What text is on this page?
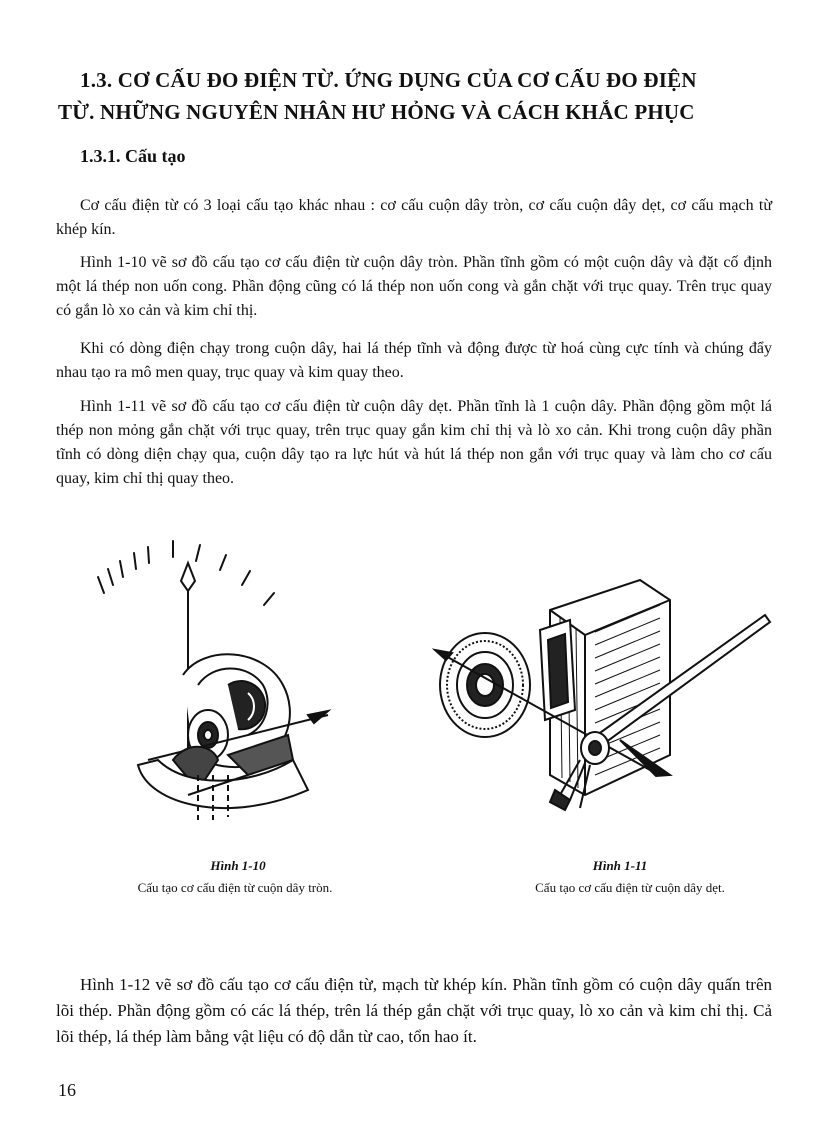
1.3. CƠ CẤU ĐO ĐIỆN TỪ. ỨNG DỤNG CỦA CƠ CẤU ĐO ĐIỆN
TỪ. NHỮNG NGUYÊN NHÂN HƯ HỎNG VÀ CÁCH KHẮC PHỤC
1.3.1. Cấu tạo

Cơ cấu điện từ có 3 loại cấu tạo khác nhau : cơ cấu cuộn dây tròn, cơ cấu cuộn dây dẹt, cơ cấu mạch từ khép kín.

Hình 1-10 vẽ sơ đồ cấu tạo cơ cấu điện từ cuộn dây tròn. Phần tĩnh gồm có một cuộn dây và đặt cố định một lá thép non uốn cong. Phần động cũng có lá thép non uốn cong và gắn chặt với trục quay. Trên trục quay có gắn lò xo cản và kim chỉ thị.

Khi có dòng điện chạy trong cuộn dây, hai lá thép tĩnh và động được từ hoá cùng cực tính và chúng đẩy nhau tạo ra mô men quay, trục quay và kim quay theo.

Hình 1-11 vẽ sơ đồ cấu tạo cơ cấu điện từ cuộn dây dẹt. Phần tĩnh là 1 cuộn dây. Phần động gồm một lá thép non mỏng gắn chặt với trục quay, trên trục quay gắn kim chỉ thị và lò xo cản. Khi trong cuộn dây phần tĩnh có dòng diện chạy qua, cuộn dây tạo ra lực hút và hút lá thép non gắn với trục quay và làm cho cơ cấu quay, kim chỉ thị quay theo.

Hình 1-10
Cấu tạo cơ cấu điện từ cuộn dây tròn.
Hình 1-11
Cấu tạo cơ cấu điện từ cuộn dây dẹt.

Hình 1-12 vẽ sơ đồ cấu tạo cơ cấu điện từ, mạch từ khép kín. Phần tĩnh gồm có cuộn dây quấn trên lõi thép. Phần động gồm có các lá thép, trên lá thép gắn chặt với trục quay, lò xo cản và kim chỉ thị. Cả lõi thép, lá thép làm bằng vật liệu có độ dẫn từ cao, tổn hao ít.

16
